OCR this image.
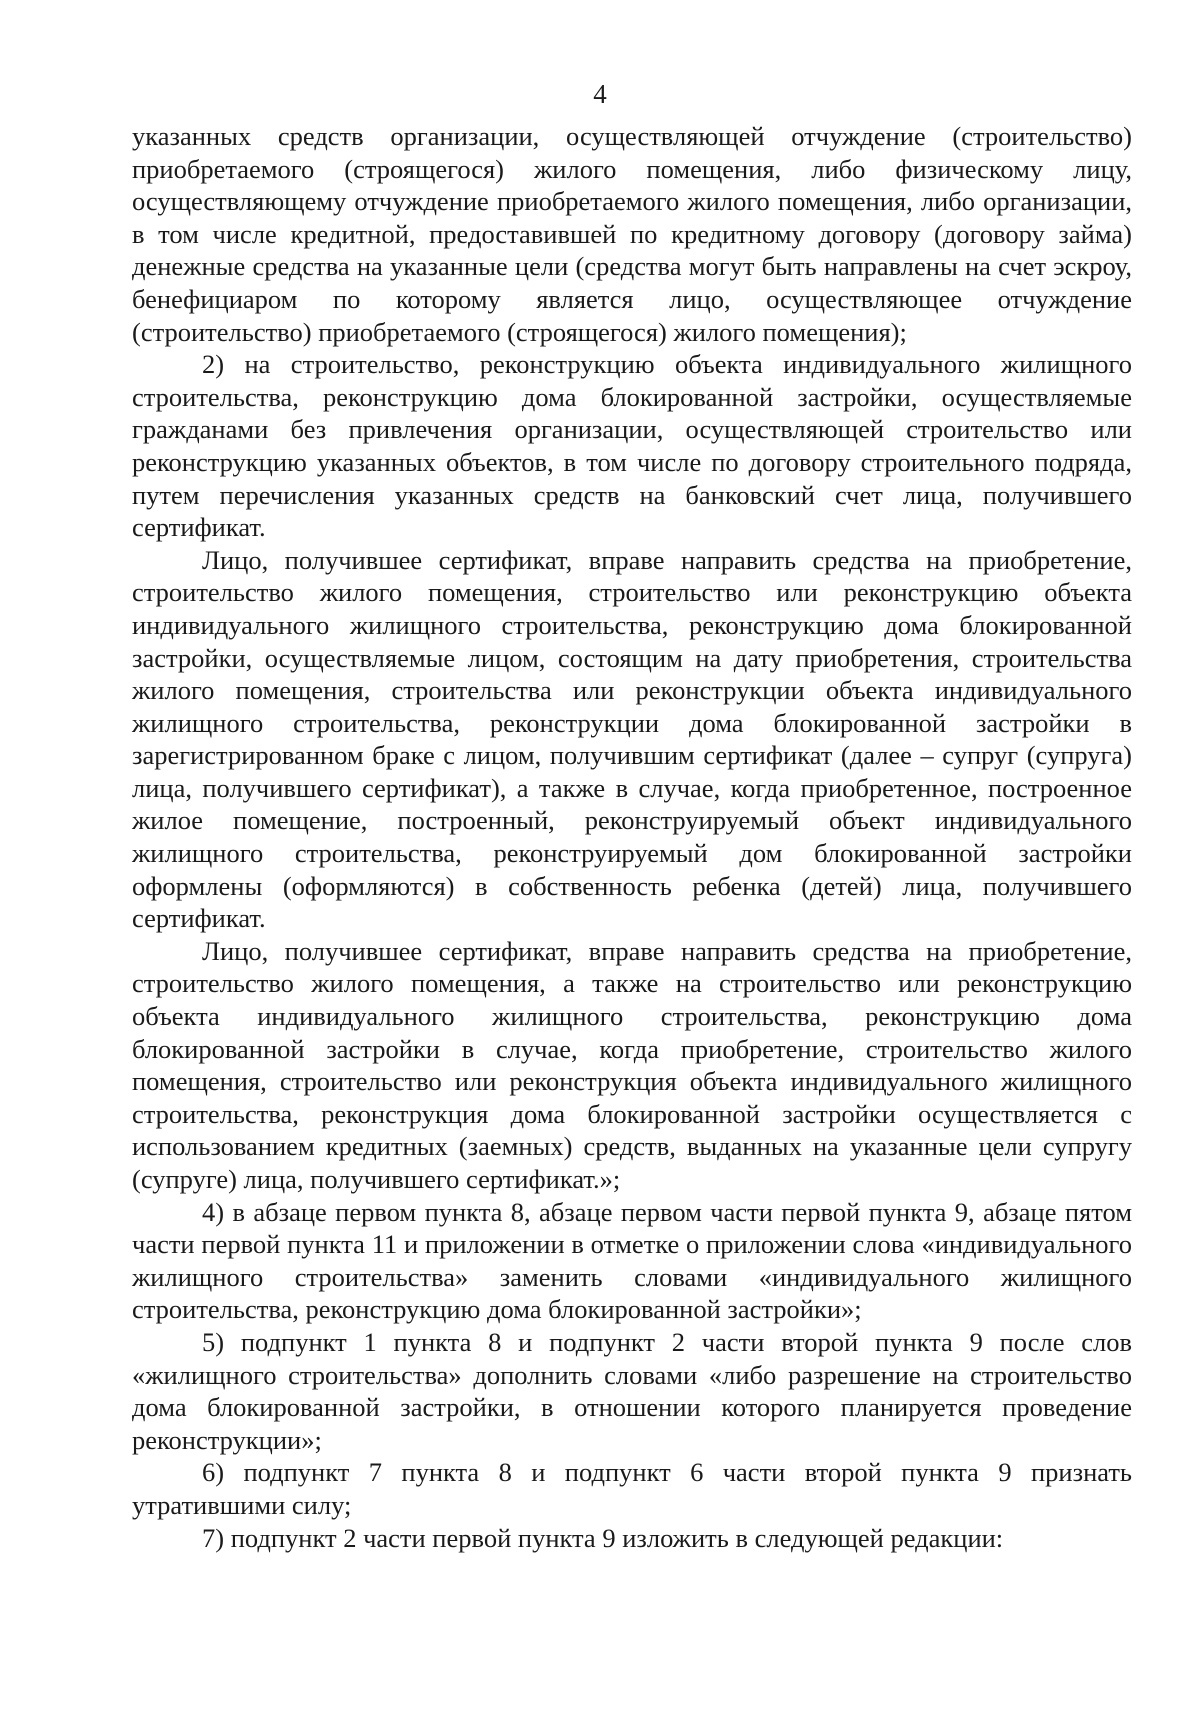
4

указанных средств организации, осуществляющей отчуждение (строительство) приобретаемого (строящегося) жилого помещения, либо физическому лицу, осуществляющему отчуждение приобретаемого жилого помещения, либо организации, в том числе кредитной, предоставившей по кредитному договору (договору займа) денежные средства на указанные цели (средства могут быть направлены на счет эскроу, бенефициаром по которому является лицо, осуществляющее отчуждение (строительство) приобретаемого (строящегося) жилого помещения);

2) на строительство, реконструкцию объекта индивидуального жилищного строительства, реконструкцию дома блокированной застройки, осуществляемые гражданами без привлечения организации, осуществляющей строительство или реконструкцию указанных объектов, в том числе по договору строительного подряда, путем перечисления указанных средств на банковский счет лица, получившего сертификат.

Лицо, получившее сертификат, вправе направить средства на приобретение, строительство жилого помещения, строительство или реконструкцию объекта индивидуального жилищного строительства, реконструкцию дома блокированной застройки, осуществляемые лицом, состоящим на дату приобретения, строительства жилого помещения, строительства или реконструкции объекта индивидуального жилищного строительства, реконструкции дома блокированной застройки в зарегистрированном браке с лицом, получившим сертификат (далее – супруг (супруга) лица, получившего сертификат), а также в случае, когда приобретенное, построенное жилое помещение, построенный, реконструируемый объект индивидуального жилищного строительства, реконструируемый дом блокированной застройки оформлены (оформляются) в собственность ребенка (детей) лица, получившего сертификат.

Лицо, получившее сертификат, вправе направить средства на приобретение, строительство жилого помещения, а также на строительство или реконструкцию объекта индивидуального жилищного строительства, реконструкцию дома блокированной застройки в случае, когда приобретение, строительство жилого помещения, строительство или реконструкция объекта индивидуального жилищного строительства, реконструкция дома блокированной застройки осуществляется с использованием кредитных (заемных) средств, выданных на указанные цели супругу (супруге) лица, получившего сертификат.»;

4) в абзаце первом пункта 8, абзаце первом части первой пункта 9, абзаце пятом части первой пункта 11 и приложении в отметке о приложении слова «индивидуального жилищного строительства» заменить словами «индивидуального жилищного строительства, реконструкцию дома блокированной застройки»;

5) подпункт 1 пункта 8 и подпункт 2 части второй пункта 9 после слов «жилищного строительства» дополнить словами «либо разрешение на строительство дома блокированной застройки, в отношении которого планируется проведение реконструкции»;

6) подпункт 7 пункта 8 и подпункт 6 части второй пункта 9 признать утратившими силу;

7) подпункт 2 части первой пункта 9 изложить в следующей редакции:
